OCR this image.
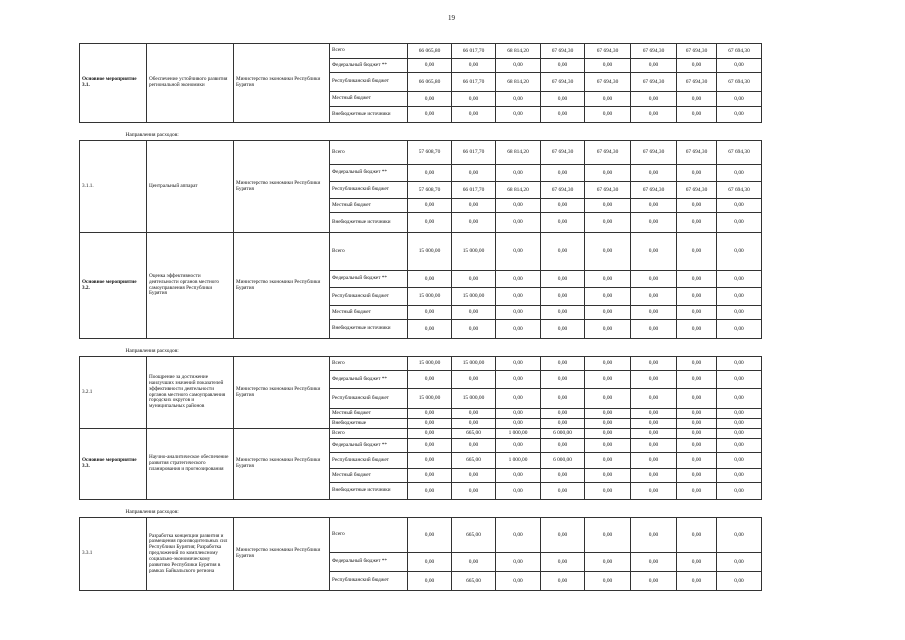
19
Основное мероприятие 3.1.	Обеспечение устойчивого развития региональной экономики	Министерство экономики Республики Бурятия	Всего	66 065,80	66 017,70	68 814,20	67 694,30	67 694,30	67 694,30	67 694,30	67 694,30
			Федеральный бюджет **	0,00	0,00	0,00	0,00	0,00	0,00	0,00	0,00
			Республиканский бюджет	66 065,80	66 017,70	68 814,20	67 694,30	67 694,30	67 694,30	67 694,30	67 694,30
			Местный бюджет	0,00	0,00	0,00	0,00	0,00	0,00	0,00	0,00
			Внебюджетные источники	0,00	0,00	0,00	0,00	0,00	0,00	0,00	0,00
Направления расходов:											
3.1.1.	Центральный аппарат	Министерство экономики Республики Бурятия	Всего	57 608,70	66 017,70	68 814,20	67 694,30	67 694,30	67 694,30	67 694,30	67 694,30
			Федеральный бюджет **	0,00	0,00	0,00	0,00	0,00	0,00	0,00	0,00
			Республиканский бюджет	57 608,70	66 017,70	68 814,20	67 694,30	67 694,30	67 694,30	67 694,30	67 694,30
			Местный бюджет	0,00	0,00	0,00	0,00	0,00	0,00	0,00	0,00
			Внебюджетные источники	0,00	0,00	0,00	0,00	0,00	0,00	0,00	0,00
Основное мероприятие 3.2.	Оценка эффективности деятельности органов местного самоуправления Республики Бурятия	Министерство экономики Республики Бурятия	Всего	15 000,00	15 000,00	0,00	0,00	0,00	0,00	0,00	0,00
			Федеральный бюджет **	0,00	0,00	0,00	0,00	0,00	0,00	0,00	0,00
			Республиканский бюджет	15 000,00	15 000,00	0,00	0,00	0,00	0,00	0,00	0,00
			Местный бюджет	0,00	0,00	0,00	0,00	0,00	0,00	0,00	0,00
			Внебюджетные источники	0,00	0,00	0,00	0,00	0,00	0,00	0,00	0,00
Направления расходов:											
3.2.1	Поощрение за достижение наилучших значений показателей эффективности деятельности органов местного самоуправления городских округов и муниципальных районов	Министерство экономики Республики Бурятия	Всего	15 000,00	15 000,00	0,00	0,00	0,00	0,00	0,00	0,00
			Федеральный бюджет **	0,00	0,00	0,00	0,00	0,00	0,00	0,00	0,00
			Республиканский бюджет	15 000,00	15 000,00	0,00	0,00	0,00	0,00	0,00	0,00
			Местный бюджет	0,00	0,00	0,00	0,00	0,00	0,00	0,00	0,00
			Внебюджетные	0,00	0,00	0,00	0,00	0,00	0,00	0,00	0,00
Основное мероприятие 3.3.	Научно-аналитическое обеспечение развития стратегического планирования и прогнозирования	Министерство экономики Республики Бурятия	Всего	0,00	665,00	1 000,00	6 000,00	0,00	0,00	0,00	0,00
			Федеральный бюджет **	0,00	0,00	0,00	0,00	0,00	0,00	0,00	0,00
			Республиканский бюджет	0,00	665,00	1 000,00	6 000,00	0,00	0,00	0,00	0,00
			Местный бюджет	0,00	0,00	0,00	0,00	0,00	0,00	0,00	0,00
			Внебюджетные источники	0,00	0,00	0,00	0,00	0,00	0,00	0,00	0,00
Направления расходов:											
3.3.1	Разработка концепции развития и размещения производительных сил Республики Бурятия; Разработка предложений по комплексному социально-экономическому развитию Республики Бурятия в рамках Байкальского региона	Министерство экономики Республики Бурятия	Всего	0,00	665,00	0,00	0,00	0,00	0,00	0,00	0,00
			Федеральный бюджет **	0,00	0,00	0,00	0,00	0,00	0,00	0,00	0,00
			Республиканский бюджет	0,00	665,00	0,00	0,00	0,00	0,00	0,00	0,00
